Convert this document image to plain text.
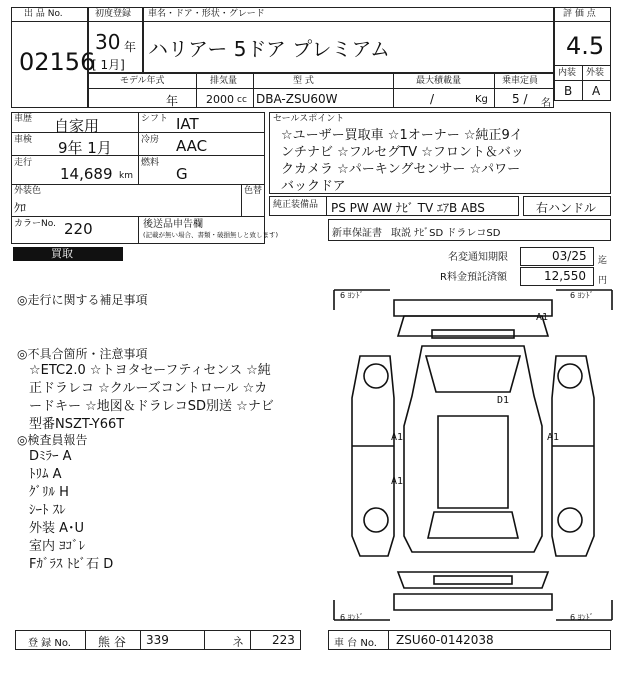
出 品 No.
02156
初度登録
30 年
[ 1月]
車名・ドア・形状・グレード
ハリアー 5ドア プレミアム
評 価 点
4.5
内装 外装
B A
モデル年式
年
排気量
2000 cc
型 式
DBA-ZSU60W
最大積載量
/	Kg
乗車定員
5 / 名
車歴 自家用	シフト IAT
車検 9年 1月	冷房 AAC
走行
14,689 km
燃料
G
外装色
ｸﾛ
色替
カラーNo. 220	後送品申告欄
(記載が無い場合、書類・破損無しと致します)
セールスポイント
☆ユーザー買取車 ☆1オーナー ☆純正9イ
ンチナビ ☆フルセグTV ☆フロント＆バッ
クカメラ ☆パーキングセンサー ☆パワー
バックドア
純正装備品 PS PW AW ﾅﾋﾞ TV ｴｱB ABS	右ハンドル
新車保証書 取説 ﾅﾋﾞSD ドラレコSD
買取	名変通知期限	03/25 迄
R料金預託済額	12,550 円
◎走行に関する補足事項
◎不具合箇所・注意事項
☆ETC2.0 ☆トヨタセーフティセンス ☆純
正ドラレコ ☆クルーズコントロール ☆カ
ードキー ☆地図＆ドラレコSD別送 ☆ナビ
型番NSZT-Y66T
◎検査員報告
Dﾐﾗｰ A
ﾄﾘﾑ A
ｸﾞﾘﾙ H
ｼｰﾄ ｽﾚ
外装 A･U
室内 ﾖｺﾞﾚ
Fｶﾞﾗｽ ﾄﾋﾞ石 D
6 ﾖﾝﾄﾞ	6 ﾖﾝﾄﾞ
6 ﾖﾝﾄﾞ	6 ﾖﾝﾄﾞ
A1
D1
A1	A1
A1
登 録 No. 熊 谷 339	ネ 223	車 台 No. ZSU60-0142038
